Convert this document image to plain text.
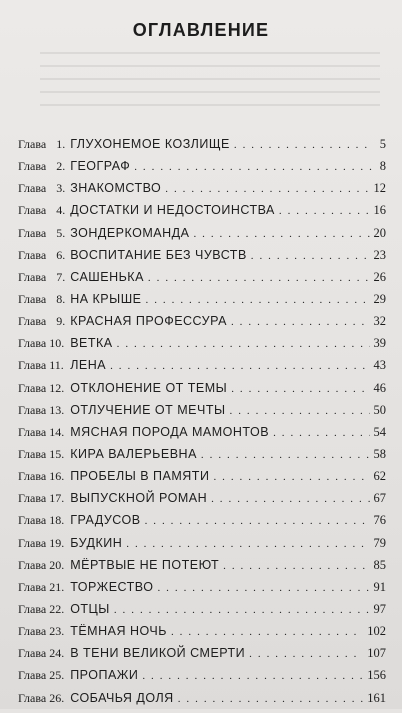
ОГЛАВЛЕНИЕ
Глава 1. ГЛУХОНЕМОЕ КОЗЛИЩЕ . . .	5
Глава 2. ГЕОГРАФ . . .	8
Глава 3. ЗНАКОМСТВО . . .	12
Глава 4. ДОСТАТКИ И НЕДОСТОИНСТВА . . .	16
Глава 5. ЗОНДЕРКОМАНДА . . .	20
Глава 6. ВОСПИТАНИЕ БЕЗ ЧУВСТВ . . .	23
Глава 7. САШЕНЬКА . . .	26
Глава 8. НА КРЫШЕ . . .	29
Глава 9. КРАСНАЯ ПРОФЕССУРА . . .	32
Глава 10. ВЕТКА . . .	39
Глава 11. ЛЕНА . . .	43
Глава 12. ОТКЛОНЕНИЕ ОТ ТЕМЫ . . .	46
Глава 13. ОТЛУЧЕНИЕ ОТ МЕЧТЫ . . .	50
Глава 14. МЯСНАЯ ПОРОДА МАМОНТОВ . . .	54
Глава 15. КИРА ВАЛЕРЬЕВНА . . .	58
Глава 16. ПРОБЕЛЫ В ПАМЯТИ . . .	62
Глава 17. ВЫПУСКНОЙ РОМАН . . .	67
Глава 18. ГРАДУСОВ . . .	76
Глава 19. БУДКИН . . .	79
Глава 20. МЁРТВЫЕ НЕ ПОТЕЮТ . . .	85
Глава 21. ТОРЖЕСТВО . . .	91
Глава 22. ОТЦЫ . . .	97
Глава 23. ТЁМНАЯ НОЧЬ . . .	102
Глава 24. В ТЕНИ ВЕЛИКОЙ СМЕРТИ . . .	107
Глава 25. ПРОПАЖИ . . .	156
Глава 26. СОБАЧЬЯ ДОЛЯ . . .	161
